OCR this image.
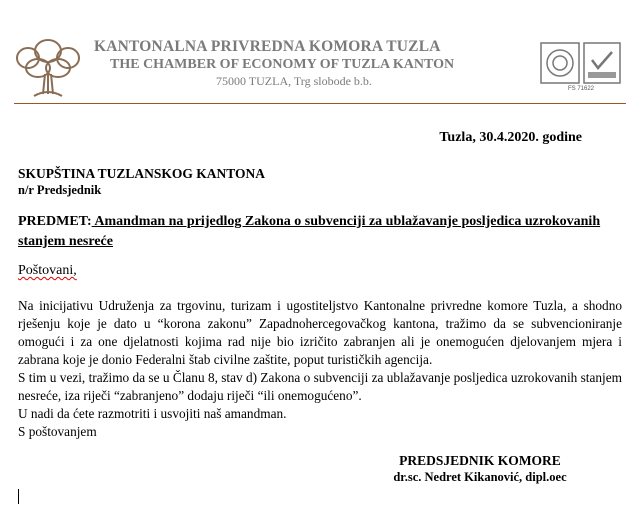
KANTONALNA PRIVREDNA KOMORA TUZLA
THE CHAMBER OF ECONOMY OF TUZLA KANTON
75000 TUZLA, Trg slobode b.b.
FS 71622
Tuzla, 30.4.2020. godine
SKUPŠTINA TUZLANSKOG KANTONA
n/r Predsjednik
PREDMET: Amandman na prijedlog Zakona o subvenciji za ublažavanje posljedica uzrokovanih stanjem nesreće
Poštovani,

Na inicijativu Udruženja za trgovinu, turizam i ugostiteljstvo Kantonalne privredne komore Tuzla, a shodno rješenju koje je dato u “korona zakonu” Zapadnohercegovačkog kantona, tražimo da se subvencioniranje omogući i za one djelatnosti kojima rad nije bio izričito zabranjen ali je onemogućen djelovanjem mjera i zabrana koje je donio Federalni štab civilne zaštite, poput turističkih agencija.

S tim u vezi, tražimo da se u Članu 8, stav d) Zakona o subvenciji za ublažavanje posljedica uzrokovanih stanjem nesreće, iza riječi “zabranjeno” dodaju riječi “ili onemogućeno”.

U nadi da ćete razmotriti i usvojiti naš amandman.

S poštovanjem

PREDSJEDNIK KOMORE
dr.sc. Nedret Kikanović, dipl.oec
